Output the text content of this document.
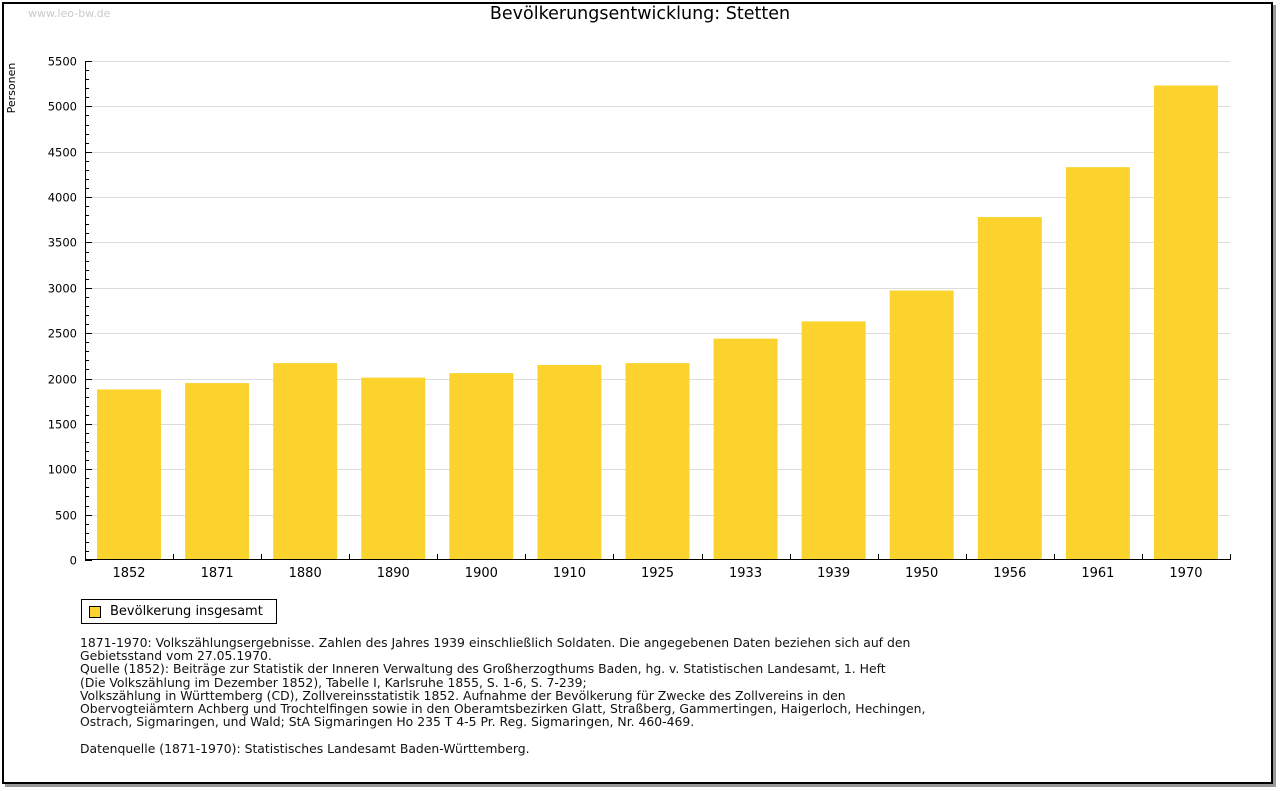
www.leo-bw.de	Bevölkerungsentwicklung: Stetten
0
500
1000
1500
2000
2500
3000
3500
4000
4500
5000
5500
1852	1871	1880	1890	1900	1910	1925	1933	1939	1950	1956	1961	1970
Personen
Bevölkerung insgesamt
1871-1970: Volkszählungsergebnisse. Zahlen des Jahres 1939 einschließlich Soldaten. Die angegebenen Daten beziehen sich auf den
Gebietsstand vom 27.05.1970.
Quelle (1852): Beiträge zur Statistik der Inneren Verwaltung des Großherzogthums Baden, hg. v. Statistischen Landesamt, 1. Heft
(Die Volkszählung im Dezember 1852), Tabelle I, Karlsruhe 1855, S. 1-6, S. 7-239;
Volkszählung in Württemberg (CD), Zollvereinsstatistik 1852. Aufnahme der Bevölkerung für Zwecke des Zollvereins in den
Obervogteiämtern Achberg und Trochtelfingen sowie in den Oberamtsbezirken Glatt, Straßberg, Gammertingen, Haigerloch, Hechingen,
Ostrach, Sigmaringen, und Wald; StA Sigmaringen Ho 235 T 4-5 Pr. Reg. Sigmaringen, Nr. 460-469.
Datenquelle (1871-1970): Statistisches Landesamt Baden-Württemberg.
